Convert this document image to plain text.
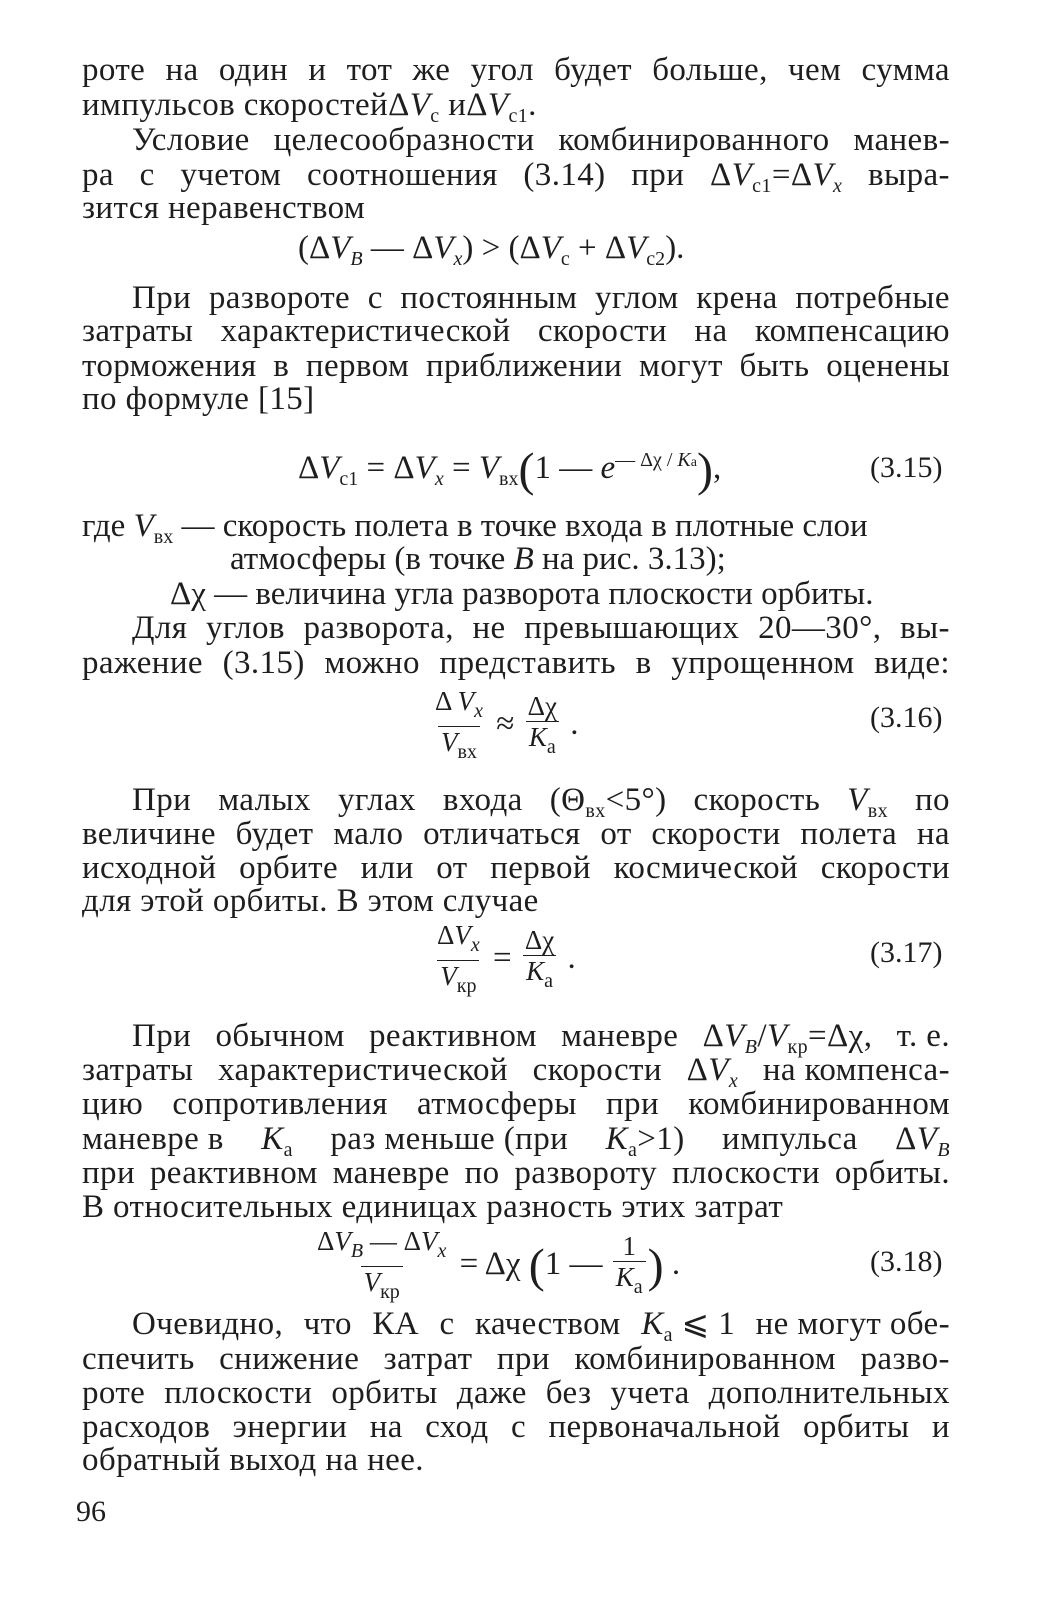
роте на один и тот же угол будет больше, чем сумма
импульсов скоростей ΔVc и ΔVc1.
Условие целесообразности комбинированного манев-
ра с учетом соотношения (3.14) при ΔVc1=ΔVx выра-
зится неравенством
($\Delta V_B$ — $\Delta V_x) > (\Delta V_c + \Delta V_{c2})$.
При развороте с постоянным углом крена потребные
затраты характеристической скорости на компенсацию
торможения в первом приближении могут быть оценены
по формуле [15]
$\Delta V_{c1} = \Delta V_x = V_{вх}(1$ — $e^{— \Delta\chi / Ka}$),	(3.15)
где $V_{вх}$ — скорость полета в точке входа в плотные слои
атмосферы (в точке B на рис. 3.13);
Δχ — величина угла разворота плоскости орбиты.
Для углов разворота, не превышающих 20—30°, вы-
ражение (3.15) можно представить в упрощенном виде:
$\frac{\Delta V_x}{V_{вх}} \approx \frac{\Delta\chi}{K_a}$ .	(3.16)
При малых углах входа (Θвх<5°) скорость Vвх по
величине будет мало отличаться от скорости полета на
исходной орбите или от первой космической скорости
для этой орбиты. В этом случае
$\frac{\Delta V_x}{V_{кр}} = \frac{\Delta\chi}{K_a}$ .	(3.17)
При обычном реактивном маневре ΔVB/Vкр=Δχ, т. е.
затраты характеристической скорости ΔVx на компенса-
цию сопротивления атмосферы при комбинированном
маневре в Ka раз меньше (при Ka>1) импульса ΔVB
при реактивном маневре по развороту плоскости орбиты.
В относительных единицах разность этих затрат
$\frac{\Delta V_B — \Delta V_x}{V_{кр}} = \Delta\chi$ (1 — $\frac{1}{K_a}$ ) .	(3.18)
Очевидно, что КА с качеством Ka ⩽ 1 не могут обе-
спечить снижение затрат при комбинированном разво-
роте плоскости орбиты даже без учета дополнительных
расходов энергии на сход с первоначальной орбиты и
обратный выход на нее.
96
